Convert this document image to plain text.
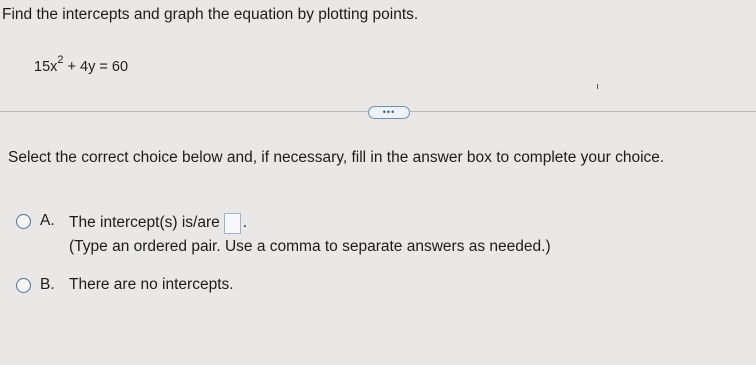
Find the intercepts and graph the equation by plotting points.
$15x^2 + 4y = 60$
•••
Select the correct choice below and, if necessary, fill in the answer box to complete your choice.
A. The intercept(s) is/are .
(Type an ordered pair. Use a comma to separate answers as needed.)
B. There are no intercepts.
